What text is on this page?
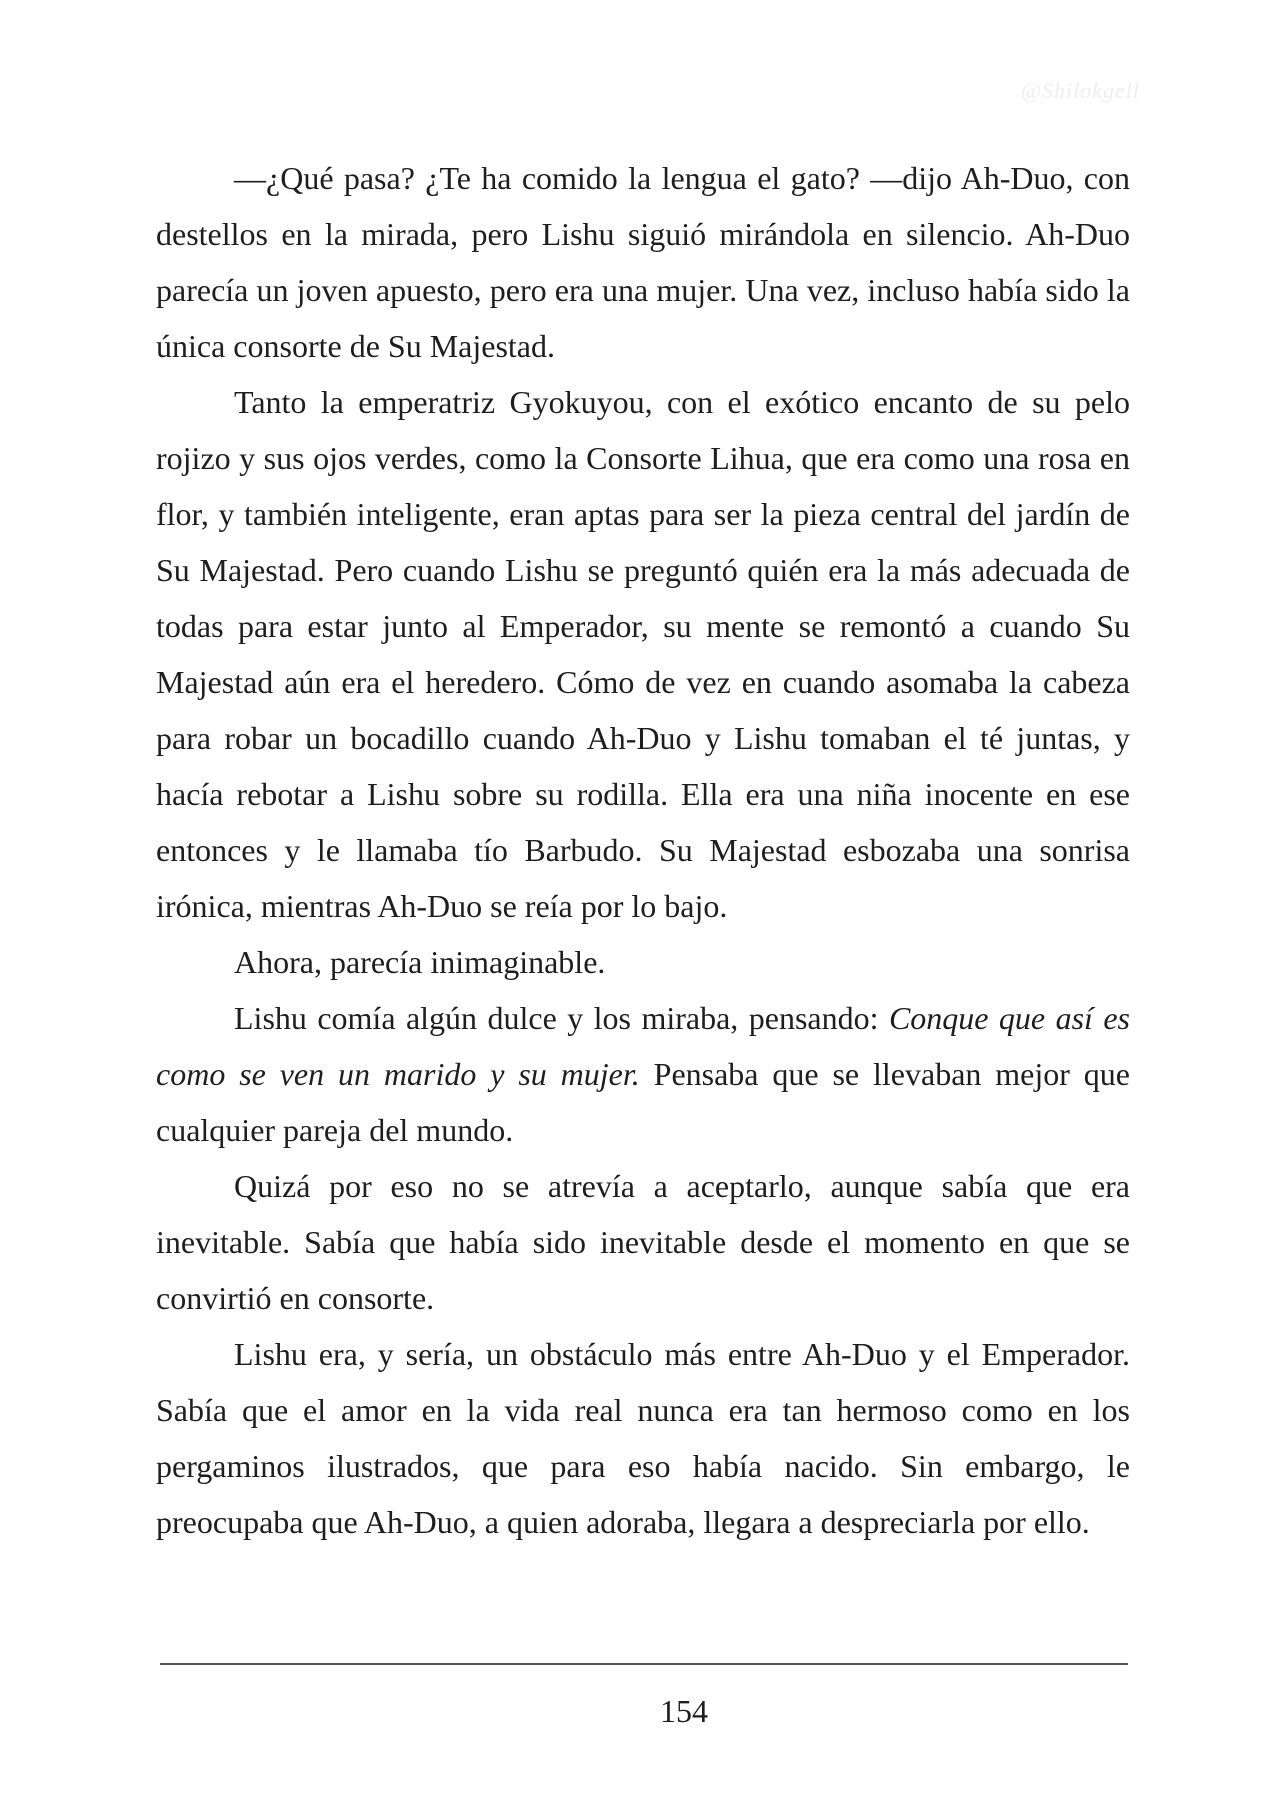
@Shilokgell

—¿Qué pasa? ¿Te ha comido la lengua el gato? —dijo Ah-Duo, con destellos en la mirada, pero Lishu siguió mirándola en silencio. Ah-Duo parecía un joven apuesto, pero era una mujer. Una vez, incluso había sido la única consorte de Su Majestad.

Tanto la emperatriz Gyokuyou, con el exótico encanto de su pelo rojizo y sus ojos verdes, como la Consorte Lihua, que era como una rosa en flor, y también inteligente, eran aptas para ser la pieza central del jardín de Su Majestad. Pero cuando Lishu se preguntó quién era la más adecuada de todas para estar junto al Emperador, su mente se remontó a cuando Su Majestad aún era el heredero. Cómo de vez en cuando asomaba la cabeza para robar un bocadillo cuando Ah-Duo y Lishu tomaban el té juntas, y hacía rebotar a Lishu sobre su rodilla. Ella era una niña inocente en ese entonces y le llamaba tío Barbudo. Su Majestad esbozaba una sonrisa irónica, mientras Ah-Duo se reía por lo bajo.

Ahora, parecía inimaginable.

Lishu comía algún dulce y los miraba, pensando: Conque que así es como se ven un marido y su mujer. Pensaba que se llevaban mejor que cualquier pareja del mundo.

Quizá por eso no se atrevía a aceptarlo, aunque sabía que era inevitable. Sabía que había sido inevitable desde el momento en que se convirtió en consorte.

Lishu era, y sería, un obstáculo más entre Ah-Duo y el Emperador. Sabía que el amor en la vida real nunca era tan hermoso como en los pergaminos ilustrados, que para eso había nacido. Sin embargo, le preocupaba que Ah-Duo, a quien adoraba, llegara a despreciarla por ello.

154
